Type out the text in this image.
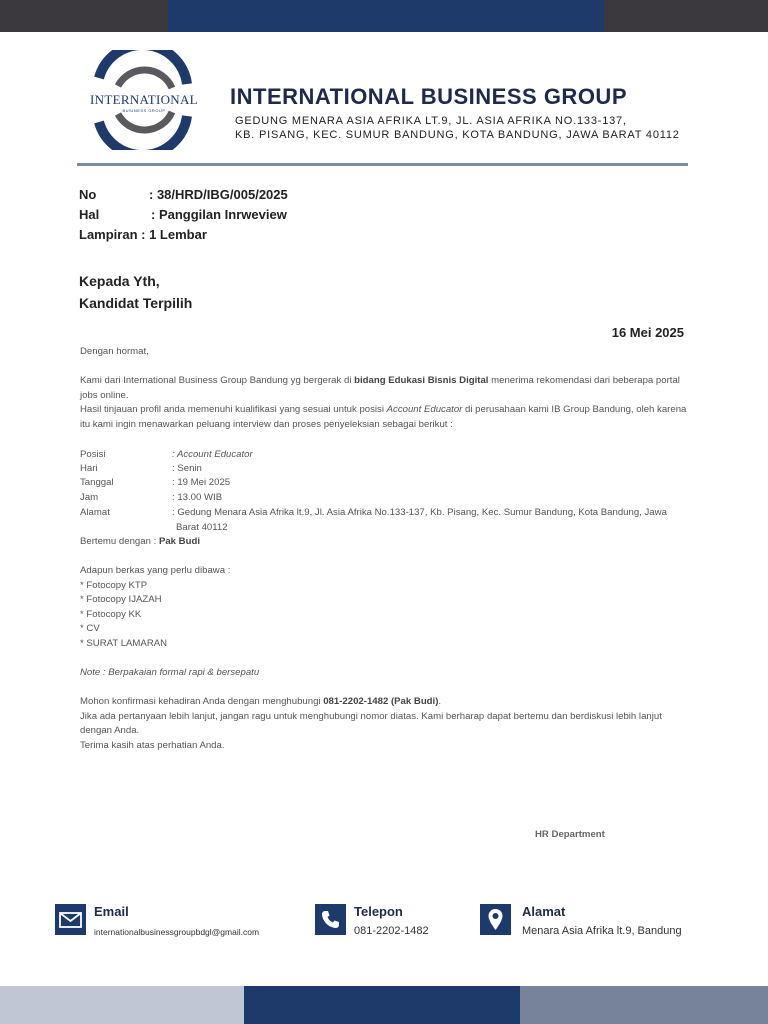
INTERNATIONAL
BUSINESS GROUP
INTERNATIONAL BUSINESS GROUP
GEDUNG MENARA ASIA AFRIKA LT.9, JL. ASIA AFRIKA NO.133-137,
KB. PISANG, KEC. SUMUR BANDUNG, KOTA BANDUNG, JAWA BARAT 40112
No	: 38/HRD/IBG/005/2025
Hal	: Panggilan Inrweview
Lampiran : 1 Lembar
Kepada Yth,
Kandidat Terpilih
16 Mei 2025
Dengan hormat,
Kami dari International Business Group Bandung yg bergerak di bidang Edukasi Bisnis Digital menerima rekomendasi dari beberapa portal jobs online.
Hasil tinjauan profil anda memenuhi kualifikasi yang sesuai untuk posisi Account Educator di perusahaan kami IB Group Bandung, oleh karena itu kami ingin menawarkan peluang interview dan proses penyeleksian sebagai berikut :
Posisi	: Account Educator
Hari	: Senin
Tanggal	: 19 Mei 2025
Jam	: 13.00 WIB
Alamat	: Gedung Menara Asia Afrika lt.9, Jl. Asia Afrika No.133-137, Kb. Pisang, Kec. Sumur Bandung, Kota Bandung, Jawa Barat 40112
Bertemu dengan : Pak Budi
Adapun berkas yang perlu dibawa :
* Fotocopy KTP
* Fotocopy IJAZAH
* Fotocopy KK
* CV
* SURAT LAMARAN
Note : Berpakaian formal rapi & bersepatu
Mohon konfirmasi kehadiran Anda dengan menghubungi 081-2202-1482 (Pak Budi).
Jika ada pertanyaan lebih lanjut, jangan ragu untuk menghubungi nomor diatas. Kami berharap dapat bertemu dan berdiskusi lebih lanjut dengan Anda.
Terima kasih atas perhatian Anda.
HR Department
Email
internationalbusinessgroupbdgl@gmail.com
Telepon
081-2202-1482
Alamat
Menara Asia Afrika lt.9, Bandung
